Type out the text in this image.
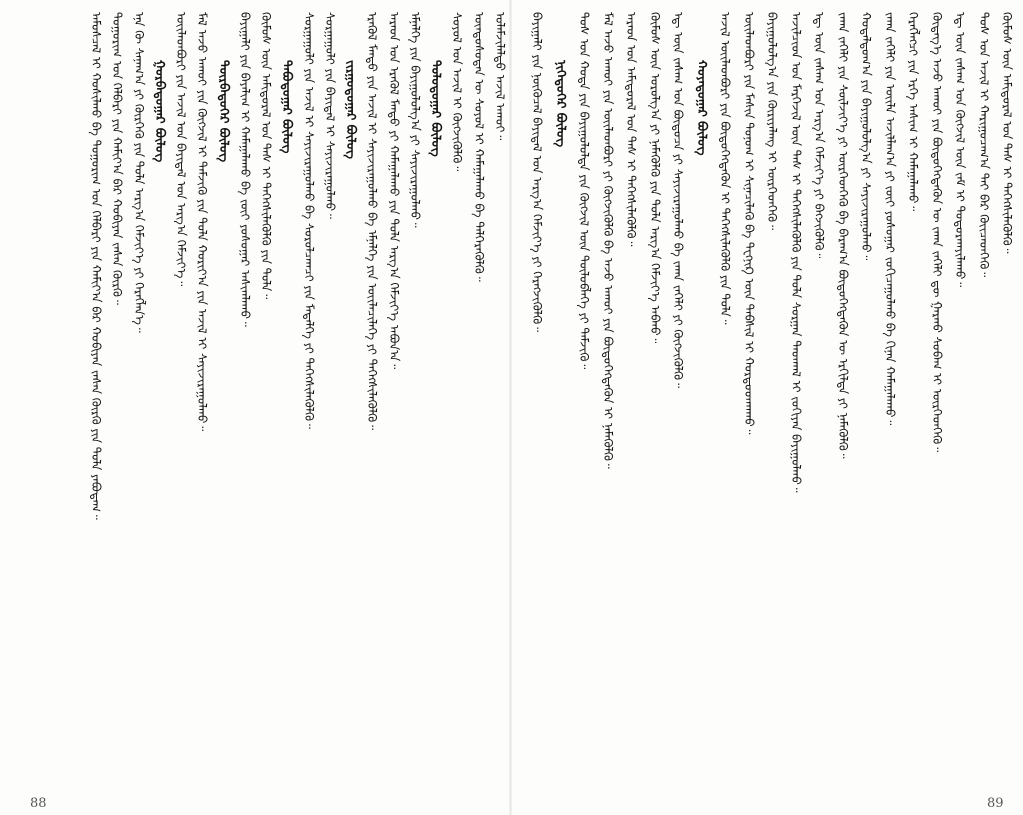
88
ᠠᠮᠤᠰᠴᠠᠯ ᠢ ᠬᠤᠰᠢᠯᠬᠤ ᠪᠠ ᠳᠤᠭᠤᠷᠢᠭ ᠤᠨ ᠬᠡᠯᠪᠡᠷᠢ ᠶᠢᠨ ᠬᠠᠮᠢᠶ᠎ᠠ ᠪᠡᠷ ᠬᠤᠪᠢᠶᠠᠨ ᠵᠠᠰᠠᠨ ᠬᠦᠷᠬᠦ ᠶᠢᠨ ᠳᠤᠯᠠ ᠶᠠᠪᠤᠳᠠᠭ᠃ ᠳᠤᠭᠤᠷᠢᠭ ᠤᠨ ᠬᠡᠯᠪᠡᠷᠢ ᠶᠢᠨ ᠬᠠᠮᠢᠶ᠎ᠠ ᠪᠡᠷ ᠬᠤᠪᠢᠶᠠᠨ ᠵᠠᠰᠠᠨ ᠬᠦᠷᠬᠦ᠃ ᠡᠨᠡ ᠬᠦ ᠰᠠᠨᠠᠭ᠎ᠠ ᠶᠢ ᠬᠦᠷᠭᠡᠬᠦ ᠶᠢᠨ ᠲᠤᠯᠠ ᠠᠷᠭ᠎ᠠ ᠬᠡᠮᠵᠢᠶ᠎ᠡ ᠶᠢ ᠬᠡᠷᠡᠭᠯᠡᠨ᠎ᠡ᠃ ᠭᠤᠷᠪᠠᠳᠤᠭᠠᠷ ᠪᠦᠯᠦᠭ ᠦᠢᠯᠡᠳᠪᠦᠷᠢ ᠶᠢᠨ ᠠᠵᠢᠯ ᠤᠨ ᠪᠠᠶᠢᠳᠠᠯ ᠤᠨ ᠠᠷᠭ᠎ᠠ ᠬᠡᠮᠵᠢᠶ᠎ᠡ᠃ ᠮᠠᠯ ᠠᠵᠤ ᠠᠬᠤᠢ ᠶᠢᠨ ᠬᠦᠭᠵᠢᠯ ᠢ ᠳᠡᠮᠵᠢᠬᠦ ᠶᠢᠨ ᠲᠤᠯᠠ ᠬᠤᠷᠢᠶ᠎ᠠ ᠶᠢᠨ ᠠᠵᠢᠯ ᠢ ᠰᠠᠶᠢᠵᠢᠷᠠᠭᠤᠯᠬᠤ᠃ ᠳᠦᠷᠪᠡᠳᠦᠭᠡᠷ ᠪᠦᠯᠦᠭ ᠪᠠᠶᠢᠭᠠᠯᠢ ᠶᠢᠨ ᠪᠠᠶᠠᠯᠢᠭ ᠢ ᠬᠠᠮᠠᠭᠠᠯᠠᠬᠤ ᠪᠠ ᠵᠦᠢ ᠶᠣᠰᠣᠭᠠᠷ ᠠᠰᠢᠭᠯᠠᠬᠤ᠃ ᠬᠦᠮᠦᠰ ᠦᠨ ᠠᠮᠢᠳᠤᠷᠠᠯ ᠤᠨ ᠳᠡᠰ ᠢ ᠳᠡᠭᠡᠭᠰᠢᠯᠡᠭᠦᠯᠬᠦ ᠶᠢᠨ ᠲᠤᠯᠠ᠃ ᠲᠠᠪᠤᠳᠤᠭᠠᠷ ᠪᠦᠯᠦᠭ ᠰᠤᠷᠭᠠᠭᠤᠯᠢ ᠶᠢᠨ ᠠᠵᠢᠯ ᠢ ᠰᠠᠶᠢᠵᠢᠷᠠᠭᠤᠯᠬᠤ ᠪᠠ ᠰᠤᠷᠤᠯᠴᠠᠭᠴᠢ ᠶᠢᠨ ᠮᠡᠳᠡᠯᠭᠡ ᠶᠢ ᠳᠡᠭᠡᠭᠰᠢᠯᠡᠭᠦᠯᠬᠦ᠃ ᠰᠤᠷᠭᠠᠭᠤᠯᠢ ᠶᠢᠨ ᠪᠠᠶᠢᠳᠠᠯ ᠢ ᠰᠠᠶᠢᠵᠢᠷᠠᠭᠤᠯᠬᠤ᠃ ᠵᠢᠷᠭᠤᠳᠤᠭᠠᠷ ᠪᠦᠯᠦᠭ ᠡᠷᠡᠬᠦᠯ ᠮᠡᠨᠳᠦ ᠶᠢᠨ ᠠᠵᠢᠯ ᠢ ᠰᠠᠶᠢᠵᠢᠷᠠᠭᠤᠯᠬᠤ ᠪᠠ ᠡᠮᠨᠡᠯᠭᠡ ᠶᠢᠨ ᠦᠢᠯᠡᠴᠢᠯᠡᠭᠡ ᠶᠢ ᠳᠡᠭᠡᠭᠰᠢᠯᠡᠭᠦᠯᠬᠦ᠃ ᠠᠷᠠᠳ ᠤᠨ ᠡᠷᠡᠬᠦᠯ ᠮᠡᠨᠳᠦ ᠶᠢ ᠬᠠᠮᠠᠭᠠᠯᠠᠬᠤ ᠶᠢᠨ ᠲᠤᠯᠠ ᠠᠷᠭ᠎ᠠ ᠬᠡᠮᠵᠢᠶ᠎ᠡ ᠠᠪᠤᠨ᠎ᠠ᠃ ᠡᠮᠨᠡᠯᠭᠡ ᠶᠢᠨ ᠪᠠᠶᠢᠭᠤᠯᠤᠯᠭ᠎ᠠ ᠶᠢ ᠰᠠᠶᠢᠵᠢᠷᠠᠭᠤᠯᠬᠤ᠃ ᠳᠤᠯᠤᠳᠤᠭᠠᠷ ᠪᠦᠯᠦᠭ ᠰᠤᠶᠤᠯ ᠤᠨ ᠠᠵᠢᠯ ᠢ ᠬᠦᠭᠵᠢᠭᠦᠯᠬᠦ᠃ ᠦᠨᠳᠦᠰᠦᠲᠡᠨ ᠦ ᠰᠤᠶᠤᠯ ᠢ ᠬᠠᠮᠠᠭᠠᠯᠠᠬᠤ ᠪᠠ ᠳᠡᠯᠭᠡᠷᠡᠭᠦᠯᠬᠦ᠃ ᠤᠯᠠᠮᠵᠢᠯᠠᠯᠳᠤ ᠠᠵᠢᠯ ᠠᠬᠤᠢ᠃
89
ᠪᠠᠶᠢᠭᠠᠯᠢ ᠶᠢᠨ ᠨᠦᠬᠦᠴᠡᠯ ᠪᠠᠶᠢᠳᠠᠯ ᠤᠨ ᠠᠷᠭ᠎ᠠ ᠬᠡᠮᠵᠢᠶ᠎ᠡ ᠶᠢ ᠬᠡᠷᠡᠭᠵᠢᠭᠦᠯᠬᠦ᠃ ᠨᠢᠭᠡᠳᠦᠭᠡᠷ ᠪᠦᠯᠦᠭ ᠲᠤᠰ ᠤᠨ ᠬᠤᠲᠠ ᠶᠢᠨ ᠪᠠᠶᠢᠭᠤᠯᠤᠯᠲᠠ ᠶᠢᠨ ᠬᠦᠭᠵᠢᠯ ᠦᠨ ᠲᠥᠯᠥᠪᠯᠡᠭᠡ ᠶᠢ ᠳᠡᠮᠵᠢᠬᠦ᠃ ᠮᠠᠯ ᠠᠵᠤ ᠠᠬᠤᠢ ᠶᠢᠨ ᠦᠢᠯᠡᠳᠪᠦᠷᠢ ᠶᠢ ᠬᠦᠭᠵᠢᠭᠦᠯᠬᠦ ᠪᠠ ᠠᠵᠤ ᠠᠬᠤᠢ ᠶᠢᠨ ᠪᠦᠲᠦᠭᠡᠭᠳᠡᠬᠦᠨ ᠢ ᠨᠡᠮᠡᠭᠦᠯᠬᠦ᠃ ᠠᠷᠠᠳ ᠤᠨ ᠠᠮᠢᠳᠤᠷᠠᠯ ᠤᠨ ᠳᠡᠰ ᠢ ᠳᠡᠭᠡᠭᠰᠢᠯᠡᠭᠦᠯᠬᠦ᠃ ᠬᠦᠮᠦᠰ ᠦᠨ ᠤᠷᠤᠯᠭ᠎ᠠ ᠶᠢ ᠨᠡᠮᠡᠭᠦᠯᠬᠦ ᠶᠢᠨ ᠲᠤᠯᠠ ᠠᠷᠭ᠎ᠠ ᠬᠡᠮᠵᠢᠶ᠎ᠡ ᠠᠪᠬᠤ᠃ ᠡᠳ᠋ ᠦᠨ ᠵᠠᠰᠠᠭ ᠤᠨ ᠪᠦᠲᠦᠴᠡ ᠶᠢ ᠰᠠᠶᠢᠵᠢᠷᠠᠭᠤᠯᠬᠤ ᠪᠠ ᠵᠠᠬᠠ ᠵᠡᠭᠡᠯᠢ ᠶᠢ ᠬᠦᠭᠵᠢᠭᠦᠯᠬᠦ᠃ ᠬᠤᠶᠠᠳᠤᠭᠠᠷ ᠪᠦᠯᠦᠭ ᠠᠵᠢᠯ ᠦᠢᠯᠡᠳᠪᠦᠷᠢ ᠶᠢᠨ ᠪᠦᠲᠦᠭᠡᠭᠳᠡᠬᠦᠨ ᠢ ᠳᠡᠭᠡᠭᠰᠢᠯᠡᠭᠦᠯᠬᠦ ᠶᠢᠨ ᠲᠤᠯᠠ᠃ ᠦᠢᠯᠡᠳᠪᠦᠷᠢ ᠶᠢᠨ ᠮᠠᠰᠢᠨ ᠲᠣᠨᠣᠭ ᠢ ᠰᠢᠨᠡᠴᠢᠯᠡᠬᠦ ᠪᠠ ᠲᠸᠬᠨᠢᠺ ᠦᠨ ᠳᠡᠪᠰᠢᠯ ᠢ ᠬᠤᠷᠳᠤᠳᠬᠠᠬᠤ᠃ ᠪᠠᠶᠢᠭᠤᠯᠤᠯᠭ᠎ᠠ ᠶᠢᠨ ᠬᠦᠷᠢᠶᠡᠯᠡᠩ ᠢ ᠥᠷᠭᠡᠳᠭᠡᠬᠦ᠃ ᠠᠵᠢᠯᠴᠢᠳ ᠤᠨ ᠮᠡᠷᠭᠡᠵᠢᠯ ᠦᠨ ᠳᠡᠰ ᠢ ᠳᠡᠭᠡᠭᠰᠢᠯᠡᠭᠦᠯᠬᠦ ᠶᠢᠨ ᠲᠤᠯᠠ ᠰᠤᠷᠭᠠᠨ ᠳᠠᠳᠬᠠᠯ ᠢ ᠵᠤᠬᠢᠶᠠᠨ ᠪᠠᠶᠢᠭᠤᠯᠬᠤ᠃ ᠡᠳ᠋ ᠦᠨ ᠵᠠᠰᠠᠭ ᠤᠨ ᠠᠷᠭ᠎ᠠ ᠬᠡᠮᠵᠢᠶ᠎ᠡ ᠶᠢ ᠪᠡᠬᠵᠢᠭᠦᠯᠬᠦ᠃ ᠵᠠᠬᠠ ᠵᠡᠭᠡᠯᠢ ᠶᠢᠨ ᠰᠦᠯᠵᠢᠶ᠎ᠡ ᠶᠢ ᠥᠷᠭᠡᠳᠭᠡᠬᠦ ᠪᠠ ᠪᠠᠷᠠᠭ᠎ᠠ ᠪᠦᠲᠦᠭᠡᠭᠳᠡᠬᠦᠨ ᠦ ᠡᠷᠭᠢᠯᠲᠡ ᠶᠢ ᠨᠡᠮᠡᠭᠦᠯᠬᠦ᠃ ᠬᠤᠳᠠᠯᠳᠤᠭ᠎ᠠ ᠶᠢᠨ ᠪᠠᠶᠢᠭᠤᠯᠤᠯᠭ᠎ᠠ ᠶᠢ ᠰᠠᠶᠢᠵᠢᠷᠠᠭᠤᠯᠬᠤ᠃ ᠵᠠᠬᠠ ᠵᠡᠭᠡᠯᠢ ᠶᠢᠨ ᠦᠢᠯᠡ ᠠᠵᠢᠯᠯᠠᠭ᠎ᠠ ᠶᠢ ᠵᠦᠢ ᠶᠣᠰᠣᠭᠠᠷ ᠵᠤᠬᠢᠴᠠᠭᠤᠯᠬᠤ ᠪᠠ ᠬᠢᠨᠠᠨ ᠬᠠᠮᠠᠭᠠᠯᠠᠬᠤ᠃ ᠬᠡᠷᠡᠭᠯᠡᠭᠴᠢ ᠶᠢᠨ ᠡᠷᠬᠡ ᠠᠰᠢᠭ ᠢ ᠬᠠᠮᠠᠭᠠᠯᠠᠬᠤ᠃ ᠬᠦᠳᠡᠭ᠎ᠡ ᠠᠵᠤ ᠠᠬᠤᠢ ᠶᠢᠨ ᠪᠦᠲᠦᠭᠡᠭᠳᠡᠬᠦᠨ ᠦ ᠵᠠᠬᠠ ᠵᠡᠭᠡᠯᠢ ᠳᠦ ᠭᠠᠷᠬᠤ ᠰᠤᠪᠠᠭ ᠢ ᠥᠷᠭᠡᠳᠭᠡᠬᠦ᠃ ᠡᠳ᠋ ᠦᠨ ᠵᠠᠰᠠᠭ ᠤᠨ ᠬᠦᠭᠵᠢᠯ ᠦᠨ ᠵᠠᠮ ᠢ ᠲᠣᠳᠤᠷᠬᠠᠶᠢᠯᠠᠬᠤ᠃ ᠲᠤᠰ ᠤᠨ ᠠᠵᠢᠯ ᠢ ᠬᠠᠷᠢᠭᠤᠴᠠᠭ᠎ᠠ ᠲᠠᠢ ᠪᠡᠷ ᠭᠦᠢᠴᠡᠳᠬᠡᠬᠦ᠃ ᠬᠦᠮᠦᠰ ᠦᠨ ᠠᠮᠢᠳᠤᠷᠠᠯ ᠤᠨ ᠳᠡᠰ ᠢ ᠳᠡᠭᠡᠭᠰᠢᠯᠡᠭᠦᠯᠬᠦ᠃
